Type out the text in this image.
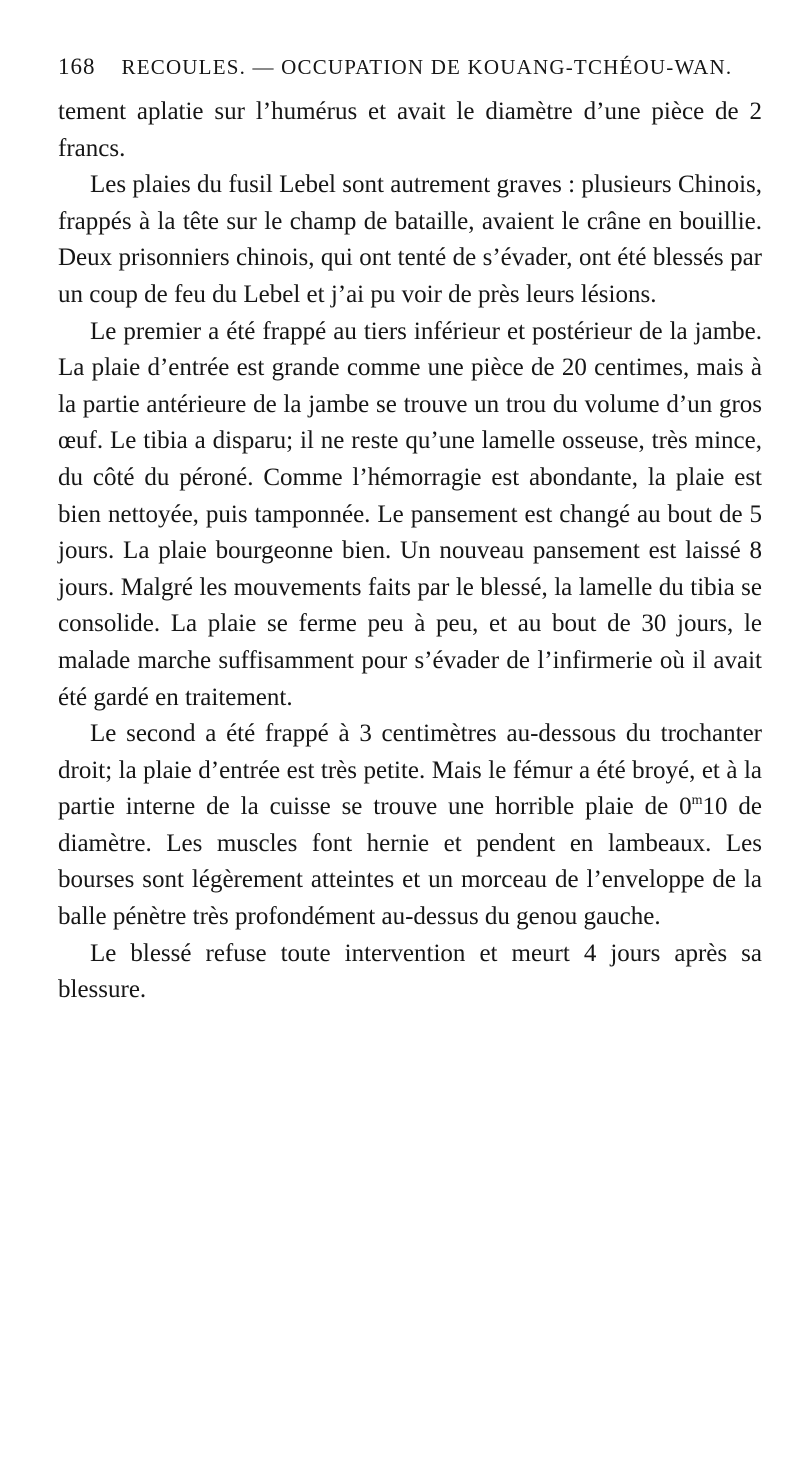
168 RECOULES. — OCCUPATION DE KOUANG-TCHÉOU-WAN.

tement aplatie sur l’humérus et avait le diamètre d’une pièce de 2 francs.

Les plaies du fusil Lebel sont autrement graves : plusieurs Chinois, frappés à la tête sur le champ de bataille, avaient le crâne en bouillie. Deux prisonniers chinois, qui ont tenté de s’évader, ont été blessés par un coup de feu du Lebel et j’ai pu voir de près leurs lésions.

Le premier a été frappé au tiers inférieur et postérieur de la jambe. La plaie d’entrée est grande comme une pièce de 20 centimes, mais à la partie antérieure de la jambe se trouve un trou du volume d’un gros œuf. Le tibia a disparu; il ne reste qu’une lamelle osseuse, très mince, du côté du péroné. Comme l’hémorragie est abondante, la plaie est bien nettoyée, puis tamponnée. Le pansement est changé au bout de 5 jours. La plaie bourgeonne bien. Un nouveau pansement est laissé 8 jours. Malgré les mouvements faits par le blessé, la lamelle du tibia se consolide. La plaie se ferme peu à peu, et au bout de 30 jours, le malade marche suffisamment pour s’évader de l’infirmerie où il avait été gardé en traitement.

Le second a été frappé à 3 centimètres au-dessous du trochanter droit; la plaie d’entrée est très petite. Mais le fémur a été broyé, et à la partie interne de la cuisse se trouve une horrible plaie de 0$^m$10 de diamètre. Les muscles font hernie et pendent en lambeaux. Les bourses sont légèrement atteintes et un morceau de l’enveloppe de la balle pénètre très profondément au-dessus du genou gauche.

Le blessé refuse toute intervention et meurt 4 jours après sa blessure.
